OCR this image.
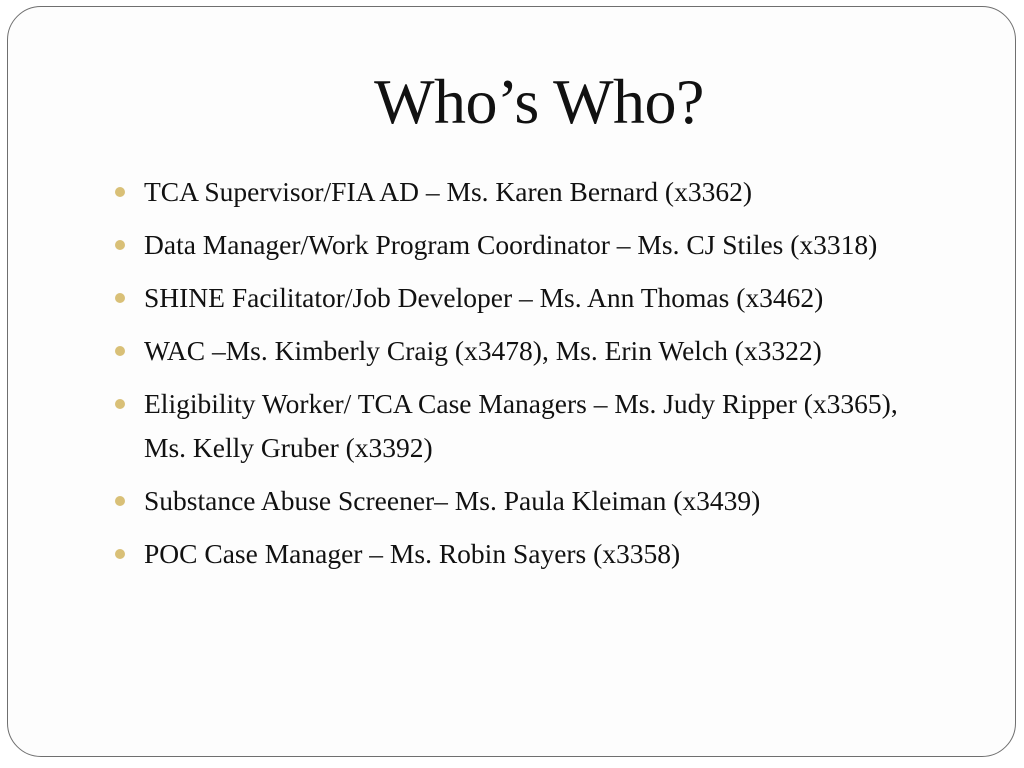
Who’s Who?
TCA Supervisor/FIA AD – Ms. Karen Bernard (x3362)
Data Manager/Work Program Coordinator – Ms. CJ Stiles (x3318)
SHINE Facilitator/Job Developer – Ms. Ann Thomas (x3462)
WAC –Ms. Kimberly Craig (x3478), Ms. Erin Welch (x3322)
Eligibility Worker/ TCA Case Managers – Ms. Judy Ripper (x3365), Ms. Kelly Gruber (x3392)
Substance Abuse Screener– Ms. Paula Kleiman (x3439)
POC Case Manager – Ms. Robin Sayers (x3358)
